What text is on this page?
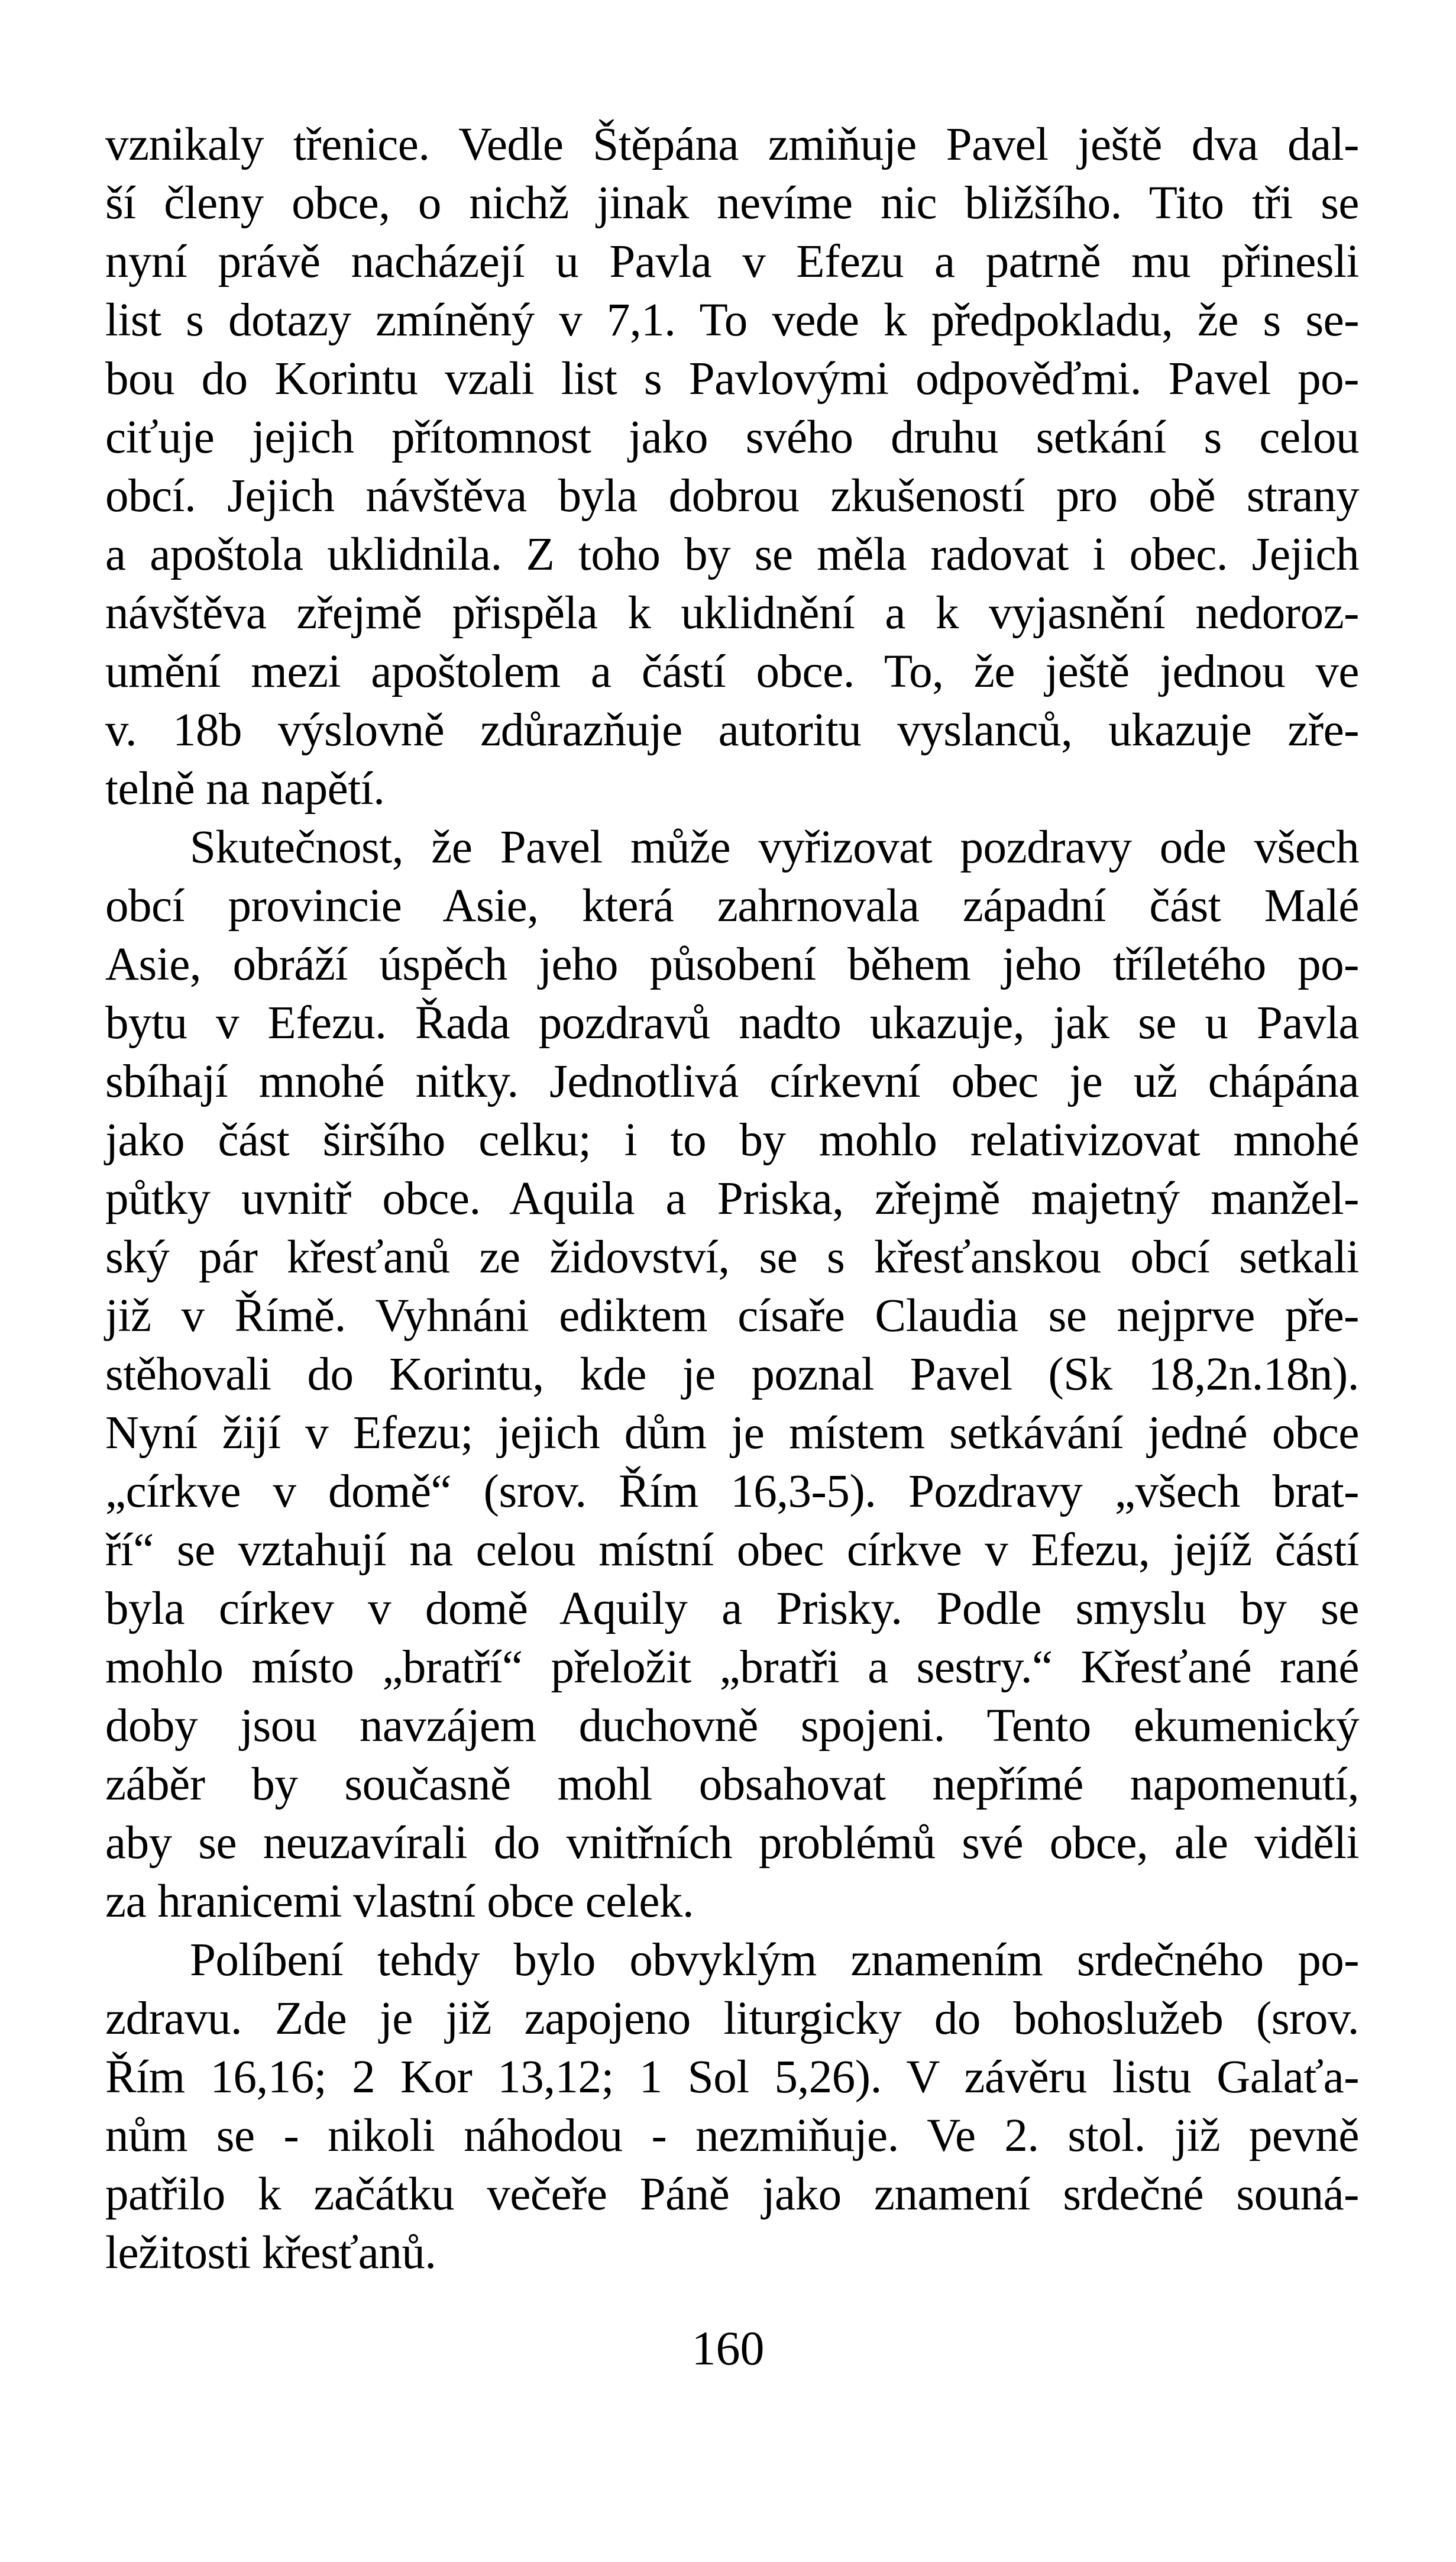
vznikaly třenice. Vedle Štěpána zmiňuje Pavel ještě dva dal-
ší členy obce, o nichž jinak nevíme nic bližšího. Tito tři se
nyní právě nacházejí u Pavla v Efezu a patrně mu přinesli
list s dotazy zmíněný v 7,1. To vede k předpokladu, že s se-
bou do Korintu vzali list s Pavlovými odpověďmi. Pavel po-
ciťuje jejich přítomnost jako svého druhu setkání s celou
obcí. Jejich návštěva byla dobrou zkušeností pro obě strany
a apoštola uklidnila. Z toho by se měla radovat i obec. Jejich
návštěva zřejmě přispěla k uklidnění a k vyjasnění nedoroz-
umění mezi apoštolem a částí obce. To, že ještě jednou ve
v. 18b výslovně zdůrazňuje autoritu vyslanců, ukazuje zře-
telně na napětí.
Skutečnost, že Pavel může vyřizovat pozdravy ode všech
obcí provincie Asie, která zahrnovala západní část Malé
Asie, obráží úspěch jeho působení během jeho tříletého po-
bytu v Efezu. Řada pozdravů nadto ukazuje, jak se u Pavla
sbíhají mnohé nitky. Jednotlivá církevní obec je už chápána
jako část širšího celku; i to by mohlo relativizovat mnohé
půtky uvnitř obce. Aquila a Priska, zřejmě majetný manžel-
ský pár křesťanů ze židovství, se s křesťanskou obcí setkali
již v Římě. Vyhnáni ediktem císaře Claudia se nejprve pře-
stěhovali do Korintu, kde je poznal Pavel (Sk 18,2n.18n).
Nyní žijí v Efezu; jejich dům je místem setkávání jedné obce
„církve v domě“ (srov. Řím 16,3-5). Pozdravy „všech brat-
ří“ se vztahují na celou místní obec církve v Efezu, jejíž částí
byla církev v domě Aquily a Prisky. Podle smyslu by se
mohlo místo „bratří“ přeložit „bratři a sestry.“ Křesťané rané
doby jsou navzájem duchovně spojeni. Tento ekumenický
záběr by současně mohl obsahovat nepřímé napomenutí,
aby se neuzavírali do vnitřních problémů své obce, ale viděli
za hranicemi vlastní obce celek.
Políbení tehdy bylo obvyklým znamením srdečného po-
zdravu. Zde je již zapojeno liturgicky do bohoslužeb (srov.
Řím 16,16; 2 Kor 13,12; 1 Sol 5,26). V závěru listu Galaťa-
nům se - nikoli náhodou - nezmiňuje. Ve 2. stol. již pevně
patřilo k začátku večeře Páně jako znamení srdečné souná-
ležitosti křesťanů.
160
